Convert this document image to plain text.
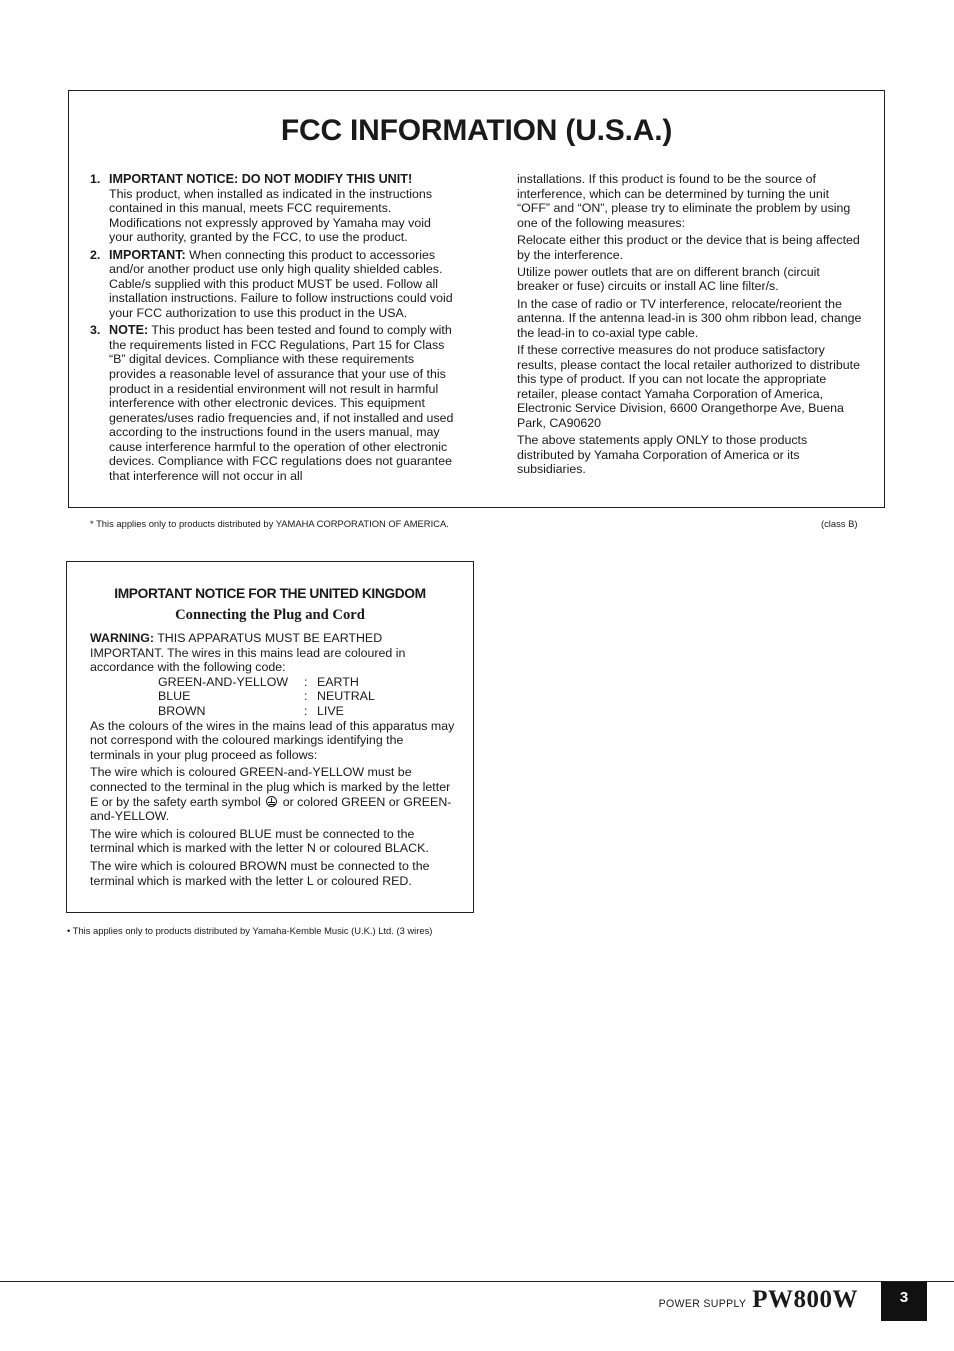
FCC INFORMATION (U.S.A.)
1. IMPORTANT NOTICE: DO NOT MODIFY THIS UNIT!
This product, when installed as indicated in the instructions contained in this manual, meets FCC requirements. Modifications not expressly approved by Yamaha may void your authority, granted by the FCC, to use the product.
2. IMPORTANT: When connecting this product to accessories and/or another product use only high quality shielded cables. Cable/s supplied with this product MUST be used. Follow all installation instructions. Failure to follow instructions could void your FCC authorization to use this product in the USA.
3. NOTE: This product has been tested and found to comply with the requirements listed in FCC Regulations, Part 15 for Class “B” digital devices. Compliance with these requirements provides a reasonable level of assurance that your use of this product in a residential environment will not result in harmful interference with other electronic devices. This equipment generates/uses radio frequencies and, if not installed and used according to the instructions found in the users manual, may cause interference harmful to the operation of other electronic devices. Compliance with FCC regulations does not guarantee that interference will not occur in all
installations. If this product is found to be the source of interference, which can be determined by turning the unit “OFF” and “ON”, please try to eliminate the problem by using one of the following measures:
Relocate either this product or the device that is being affected by the interference.
Utilize power outlets that are on different branch (circuit breaker or fuse) circuits or install AC line filter/s.
In the case of radio or TV interference, relocate/reorient the antenna. If the antenna lead-in is 300 ohm ribbon lead, change the lead-in to co-axial type cable.
If these corrective measures do not produce satisfactory results, please contact the local retailer authorized to distribute this type of product. If you can not locate the appropriate retailer, please contact Yamaha Corporation of America, Electronic Service Division, 6600 Orangethorpe Ave, Buena Park, CA90620
The above statements apply ONLY to those products distributed by Yamaha Corporation of America or its subsidiaries.
* This applies only to products distributed by YAMAHA CORPORATION OF AMERICA.	(class B)
IMPORTANT NOTICE FOR THE UNITED KINGDOM
Connecting the Plug and Cord
WARNING: THIS APPARATUS MUST BE EARTHED
IMPORTANT. The wires in this mains lead are coloured in accordance with the following code:
GREEN-AND-YELLOW	: EARTH
BLUE	: NEUTRAL
BROWN	: LIVE
As the colours of the wires in the mains lead of this apparatus may not correspond with the coloured markings identifying the terminals in your plug proceed as follows:
The wire which is coloured GREEN-and-YELLOW must be connected to the terminal in the plug which is marked by the letter E or by the safety earth symbol  or colored GREEN or GREEN-and-YELLOW.
The wire which is coloured BLUE must be connected to the terminal which is marked with the letter N or coloured BLACK.
The wire which is coloured BROWN must be connected to the terminal which is marked with the letter L or coloured RED.
• This applies only to products distributed by Yamaha-Kemble Music (U.K.) Ltd. (3 wires)
POWER SUPPLY PW800W	3
